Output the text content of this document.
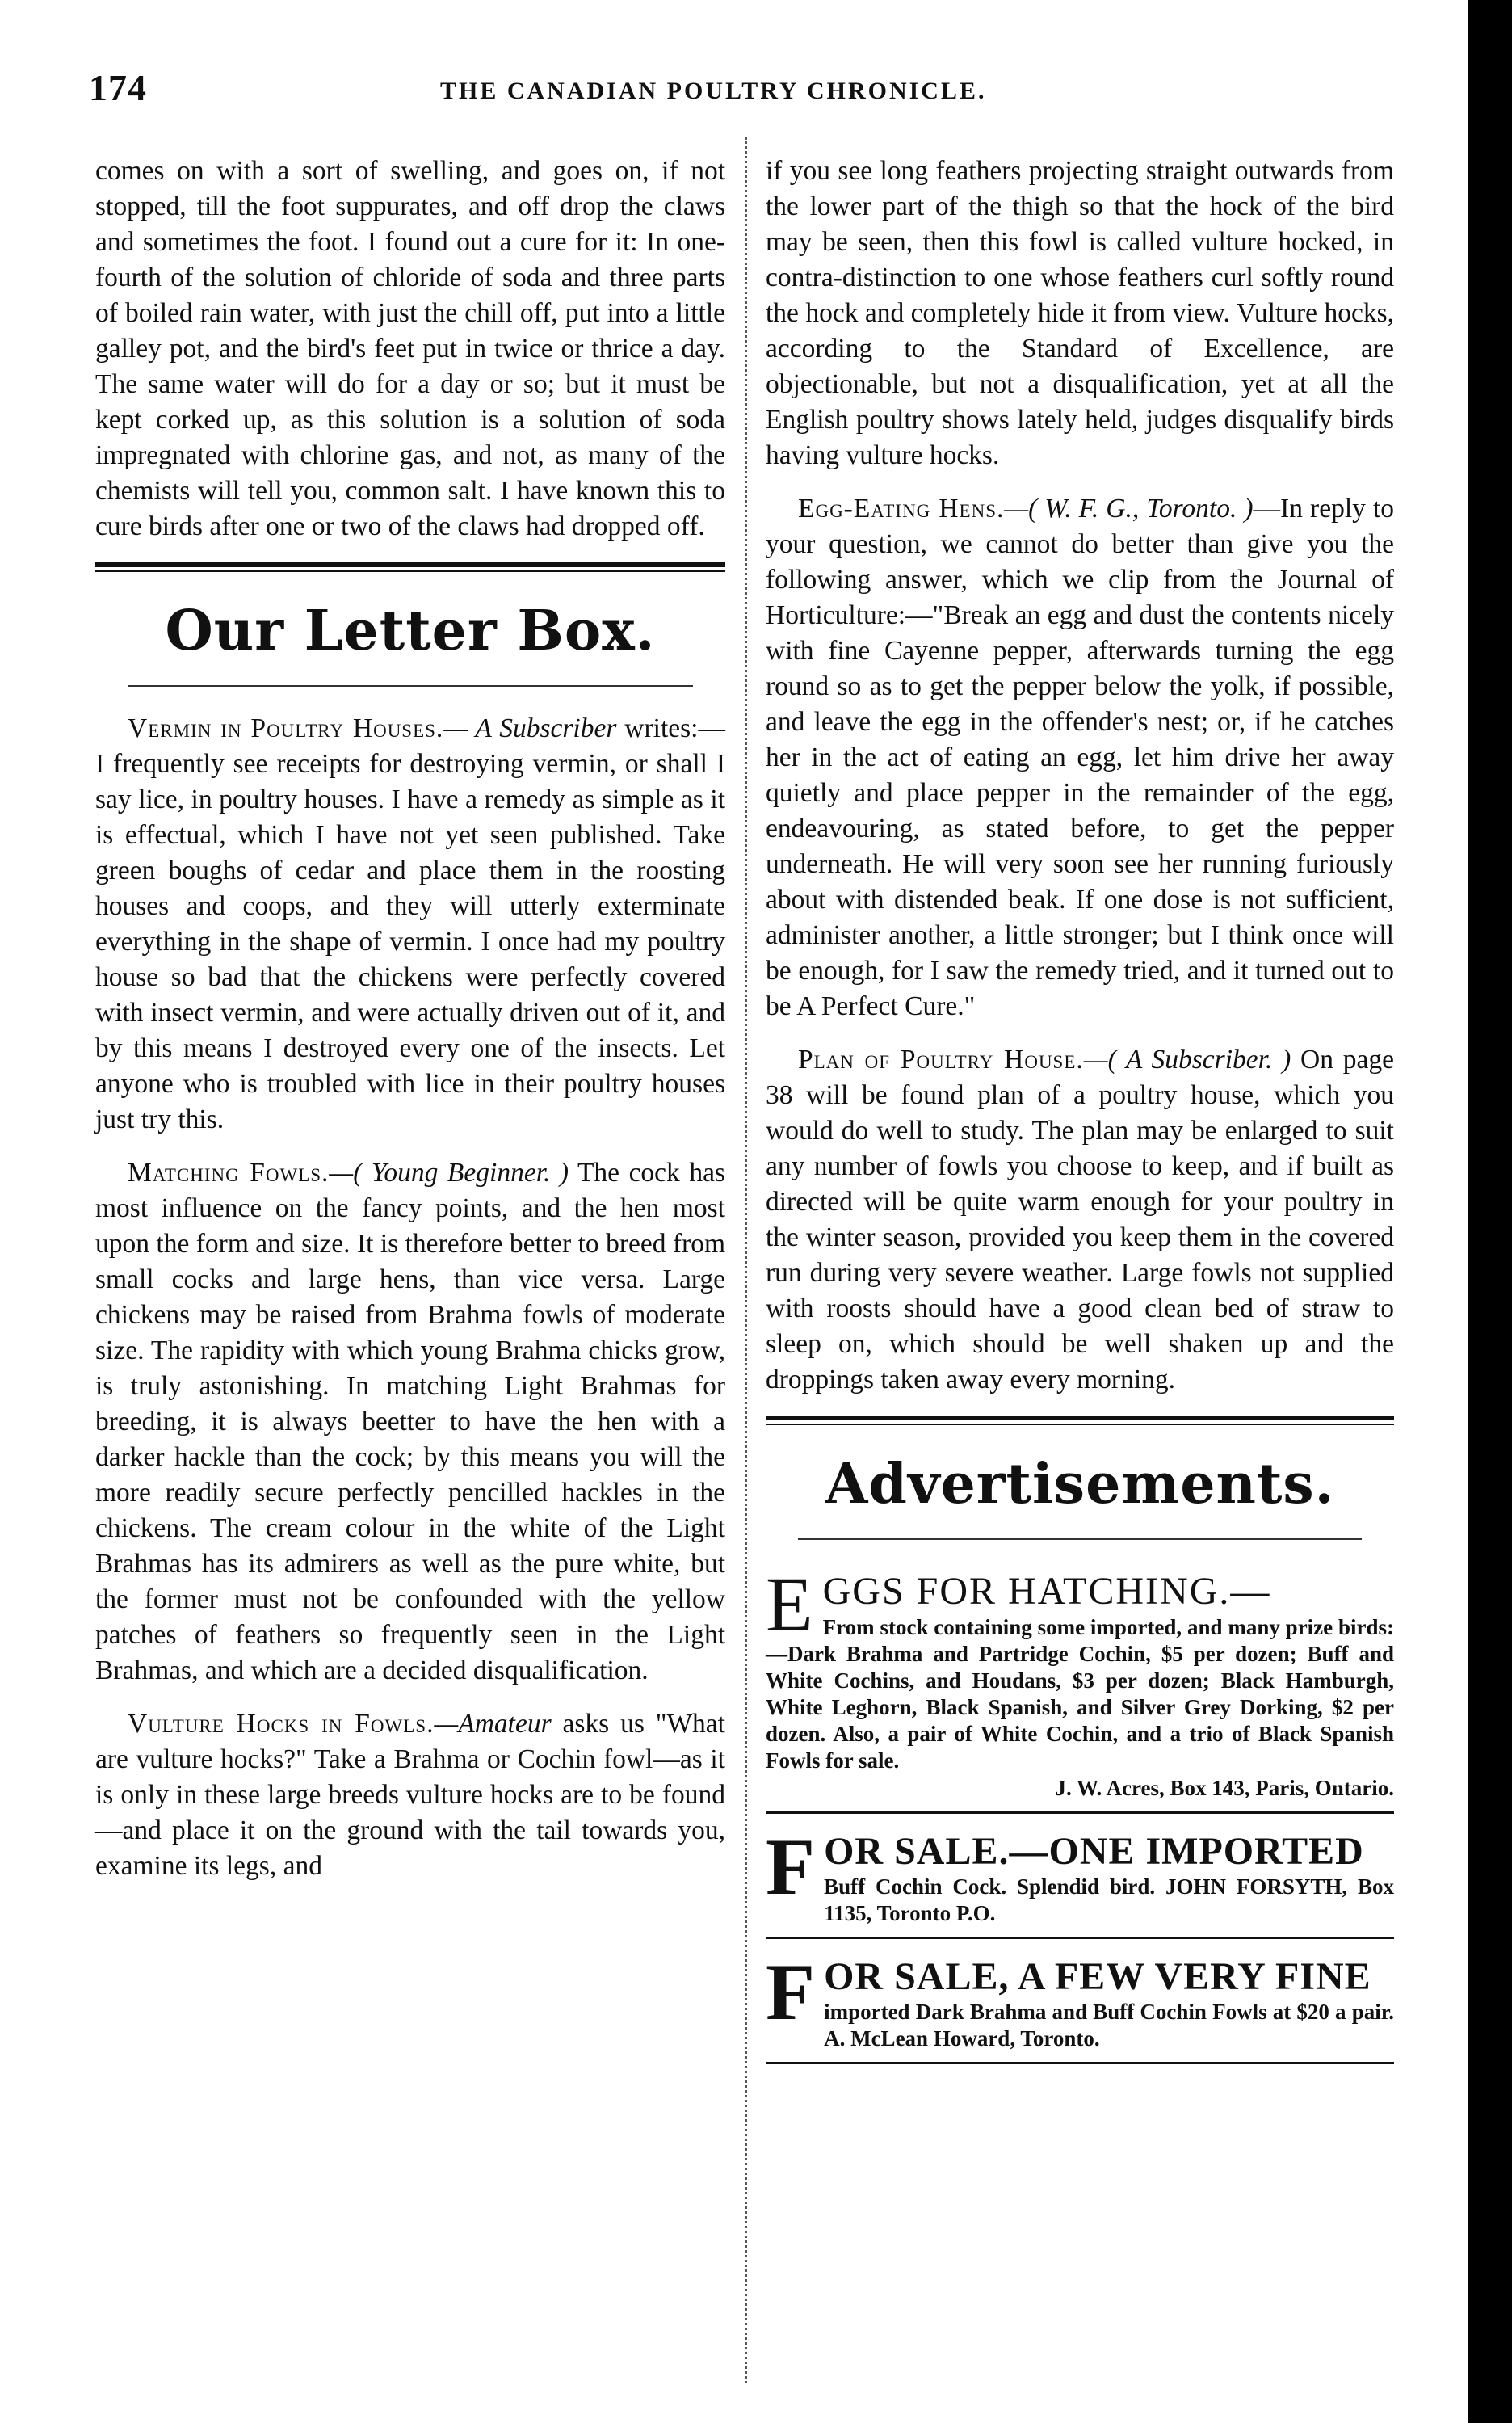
174	THE CANADIAN POULTRY CHRONICLE.

comes on with a sort of swelling, and goes on, if not stopped, till the foot suppurates, and off drop the claws and sometimes the foot. I found out a cure for it: In one-fourth of the solution of chloride of soda and three parts of boiled rain water, with just the chill off, put into a little galley pot, and the bird's feet put in twice or thrice a day. The same water will do for a day or so; but it must be kept corked up, as this solution is a solution of soda impregnated with chlorine gas, and not, as many of the chemists will tell you, common salt. I have known this to cure birds after one or two of the claws had dropped off.

Our Letter Box.

Vermin in Poultry Houses.— A Subscriber writes:—I frequently see receipts for destroying vermin, or shall I say lice, in poultry houses. I have a remedy as simple as it is effectual, which I have not yet seen published. Take green boughs of cedar and place them in the roosting houses and coops, and they will utterly exterminate everything in the shape of vermin. I once had my poultry house so bad that the chickens were perfectly covered with insect vermin, and were actually driven out of it, and by this means I destroyed every one of the insects. Let anyone who is troubled with lice in their poultry houses just try this.

Matching Fowls.—( Young Beginner. ) The cock has most influence on the fancy points, and the hen most upon the form and size. It is therefore better to breed from small cocks and large hens, than vice versa. Large chickens may be raised from Brahma fowls of moderate size. The rapidity with which young Brahma chicks grow, is truly astonishing. In matching Light Brahmas for breeding, it is always beetter to have the hen with a darker hackle than the cock; by this means you will the more readily secure perfectly pencilled hackles in the chickens. The cream colour in the white of the Light Brahmas has its admirers as well as the pure white, but the former must not be confounded with the yellow patches of feathers so frequently seen in the Light Brahmas, and which are a decided disqualification.

Vulture Hocks in Fowls.—Amateur asks us "What are vulture hocks?" Take a Brahma or Cochin fowl—as it is only in these large breeds vulture hocks are to be found—and place it on the ground with the tail towards you, examine its legs, and

if you see long feathers projecting straight outwards from the lower part of the thigh so that the hock of the bird may be seen, then this fowl is called vulture hocked, in contra-distinction to one whose feathers curl softly round the hock and completely hide it from view. Vulture hocks, according to the Standard of Excellence, are objectionable, but not a disqualification, yet at all the English poultry shows lately held, judges disqualify birds having vulture hocks.

Egg-Eating Hens.—( W. F. G., Toronto. )—In reply to your question, we cannot do better than give you the following answer, which we clip from the Journal of Horticulture:—"Break an egg and dust the contents nicely with fine Cayenne pepper, afterwards turning the egg round so as to get the pepper below the yolk, if possible, and leave the egg in the offender's nest; or, if he catches her in the act of eating an egg, let him drive her away quietly and place pepper in the remainder of the egg, endeavouring, as stated before, to get the pepper underneath. He will very soon see her running furiously about with distended beak. If one dose is not sufficient, administer another, a little stronger; but I think once will be enough, for I saw the remedy tried, and it turned out to be A Perfect Cure."

Plan of Poultry House.—( A Subscriber. ) On page 38 will be found plan of a poultry house, which you would do well to study. The plan may be enlarged to suit any number of fowls you choose to keep, and if built as directed will be quite warm enough for your poultry in the winter season, provided you keep them in the covered run during very severe weather. Large fowls not supplied with roosts should have a good clean bed of straw to sleep on, which should be well shaken up and the droppings taken away every morning.

Advertisements.
EGGS FOR HATCHING.—

From stock containing some imported, and many prize birds:—Dark Brahma and Partridge Cochin, $5 per dozen; Buff and White Cochins, and Houdans, $3 per dozen; Black Hamburgh, White Leghorn, Black Spanish, and Silver Grey Dorking, $2 per dozen. Also, a pair of White Cochin, and a trio of Black Spanish Fowls for sale.

J. W. Acres, Box 143, Paris, Ontario.
FOR SALE.—ONE IMPORTED

Buff Cochin Cock. Splendid bird. JOHN FORSYTH, Box 1135, Toronto P.O.

FOR SALE, A FEW VERY FINE

imported Dark Brahma and Buff Cochin Fowls at $20 a pair. A. McLean Howard, Toronto.
